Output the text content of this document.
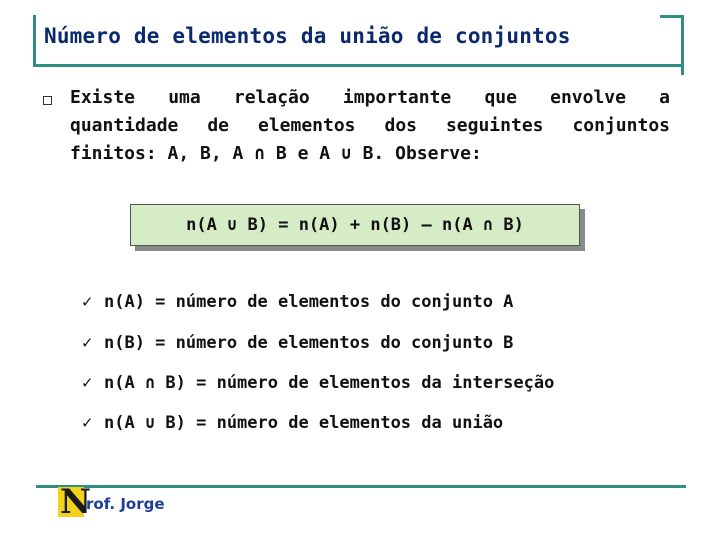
Número de elementos da união de conjuntos
Existe uma relação importante que envolve a
quantidade de elementos dos seguintes conjuntos
finitos: A, B, A ∩ B e A ∪ B. Observe:
n(A ∪ B) = n(A) + n(B) – n(A ∩ B)
✓ n(A) = número de elementos do conjunto A
✓ n(B) = número de elementos do conjunto B
✓ n(A ∩ B) = número de elementos da interseção
✓ n(A ∪ B) = número de elementos da união
N
rof. Jorge
